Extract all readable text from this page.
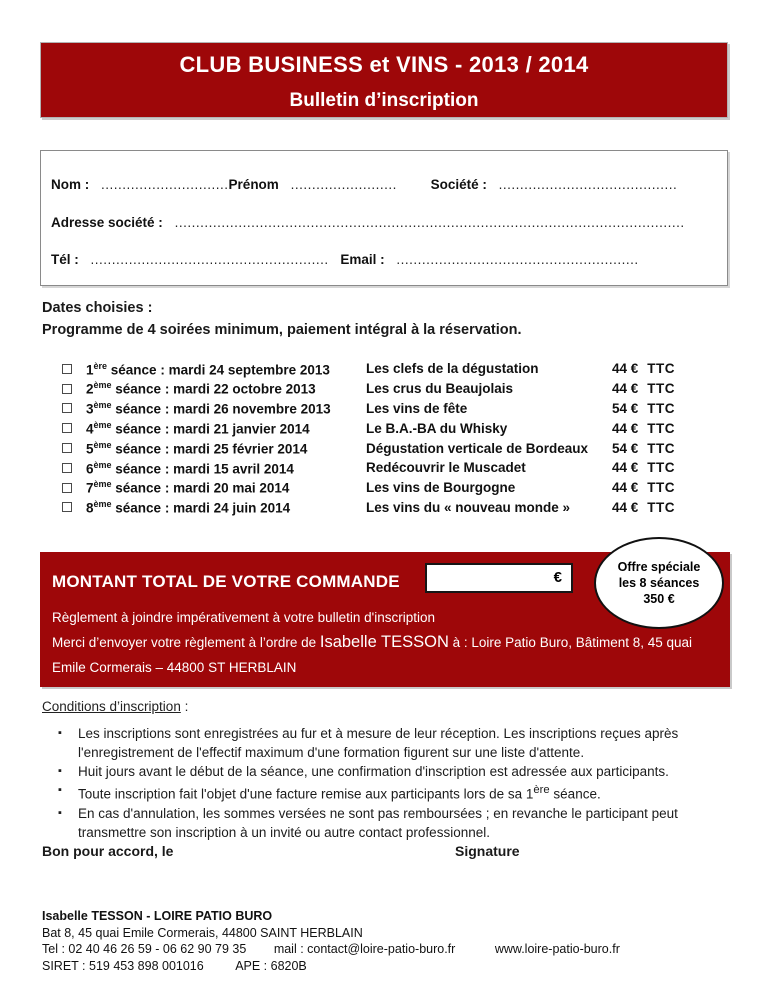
CLUB BUSINESS et VINS - 2013 / 2014
Bulletin d’inscription
Nom : ..............................Prénom .........................	Société : ..........................................
Adresse société : ........................................................................................................................
Tél : ........................................................ Email : .........................................................
Dates choisies :
Programme de 4 soirées minimum, paiement intégral à la réservation.
1ère séance : mardi 24 septembre 2013	Les clefs de la dégustation	44 € TTC
2ème séance : mardi 22 octobre 2013	Les crus du Beaujolais	44 € TTC
3ème séance : mardi 26 novembre 2013	Les vins de fête	54 € TTC
4ème séance : mardi 21 janvier 2014	Le B.A.-BA du Whisky	44 € TTC
5ème séance : mardi 25 février 2014	Dégustation verticale de Bordeaux	54 € TTC
6ème séance : mardi 15 avril 2014	Redécouvrir le Muscadet	44 € TTC
7ème séance : mardi 20 mai 2014	Les vins de Bourgogne	44 € TTC
8ème séance : mardi 24 juin 2014	Les vins du « nouveau monde »	44 € TTC
MONTANT TOTAL DE VOTRE COMMANDE	€
Offre spéciale
les 8 séances
350 €
Règlement à joindre impérativement à votre bulletin d'inscription
Merci d’envoyer votre règlement à l’ordre de Isabelle TESSON à : Loire Patio Buro, Bâtiment 8, 45 quai
Emile Cormerais – 44800 ST HERBLAIN
Conditions d’inscription :
▪	Les inscriptions sont enregistrées au fur et à mesure de leur réception. Les inscriptions reçues après l'enregistrement de l'effectif maximum d'une formation figurent sur une liste d'attente.
▪	Huit jours avant le début de la séance, une confirmation d'inscription est adressée aux participants.
▪	Toute inscription fait l'objet d'une facture remise aux participants lors de sa 1ère séance.
▪	En cas d'annulation, les sommes versées ne sont pas remboursées ; en revanche le participant peut transmettre son inscription à un invité ou autre contact professionnel.
Bon pour accord, le	Signature
Isabelle TESSON - LOIRE PATIO BURO
Bat 8, 45 quai Emile Cormerais, 44800 SAINT HERBLAIN
Tel : 02 40 46 26 59 - 06 62 90 79 35 mail : contact@loire-patio-buro.fr	www.loire-patio-buro.fr
SIRET : 519 453 898 001016	APE : 6820B
